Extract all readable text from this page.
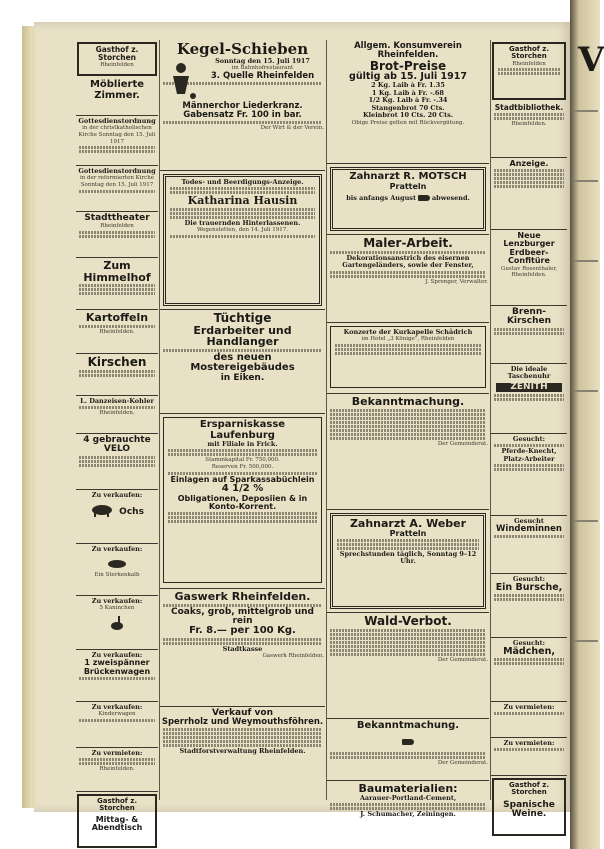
V
Gasthof z. Storchen
Rheinfelden
Möblierte Zimmer.
Gottesdienstordnung
in der christkatholischen Kirche Sonntag den 15. Juli 1917
Gottesdienstordnung
in der reformierten Kirche Sonntag den 15. Juli 1917
Stadttheater
Rheinfelden
Zum Himmelhof
Kartoffeln
Rheinfelden.
Kirschen
L. Danzeisen-Kohler
Rheinfelden.
4 gebrauchte VELO
Zu verkaufen:
Ochs
Zu verkaufen:
Ein Sterkenkalb
Zu verkaufen:
5 Kaninchen
Zu verkaufen:
1 zweispänner Brückenwagen
Zu verkaufen:
Kinderwagen
Zu vermieten:
Rheinfelden.
Gasthof z. Storchen
Mittag- & Abendtisch
Kegel-Schieben
Sonntag den 15. Juli 1917
im Bahnhofrestaurant
3. Quelle Rheinfelden
Männerchor Liederkranz.
Gabensatz Fr. 100 in bar.
Der Wirt & der Verein.
Todes- und Beerdigungs-Anzeige.
Katharina Hausin
Die trauernden Hinterlassenen.
Wegenstetten, den 14. Juli 1917.
Tüchtige
Erdarbeiter und Handlanger
des neuen Mostereigebäudes
in Eiken.
Ersparniskasse Laufenburg
mit Filiale in Frick.
Stammkapital Fr. 750,000.
Reserven Fr. 500,000.
Einlagen auf Sparkassabüchlein
4 1/2 %
Obligationen, Deposiien & in Konto-Korrent.
Gaswerk Rheinfelden.
Coaks, grob, mittelgrob und rein
Fr. 8.— per 100 Kg.
Stadtkasse
Gaswerk Rheinfelden.
Verkauf von
Sperrholz und Weymouthsföhren.
Stadtforstverwaltung Rheinfelden.
Allgem. Konsumverein Rheinfelden.
Brot-Preise
gültig ab 15. Juli 1917
2 Kg. Laib à Fr. 1.35
1 Kg. Laib à Fr. -.68
1/2 Kg. Laib à Fr. -.34
Stangenbrot 70 Cts.
Kleinbrot 10 Cts. 20 Cts.
Obige Preise gelten mit Rückvergütung.
Zahnarzt R. MOTSCH
Pratteln
bis anfangs August abwesend.
Maler-Arbeit.
Dekorationsanstrich des eisernen Gartengeländers, sowie der Fenster,
J. Sprenger, Verwalter.
Konzerte der Kurkapelle Schädrich
im Hotel „3 Könige", Rheinfelden
Bekanntmachung.
Der Gemeinderat.
Zahnarzt A. Weber
Pratteln
Sprechstunden täglich, Sonntag 9–12 Uhr.
Wald-Verbot.
Der Gemeinderat.
Bekanntmachung.
Der Gemeinderat.
Baumaterialien:
Aarauer-Portland-Cement,
J. Schumacher, Zeiningen.
Gasthof z. Storchen
Rheinfelden
Stadtbibliothek.
Rheinfelden.
Anzeige.
Neue Lenzburger Erdbeer-Confitüre
Gustav Rosenthaler, Rheinfelden.
Brenn-Kirschen
Die ideale Taschenuhr
ZENITH
Gesucht:
Pferde-Knecht, Platz-Arbeiter
Gesucht
Windeminnen
Gesucht:
Ein Bursche,
Gesucht:
Mädchen,
Zu vermieten:
Zu vermieten:
Gasthof z. Storchen
Spanische Weine.
